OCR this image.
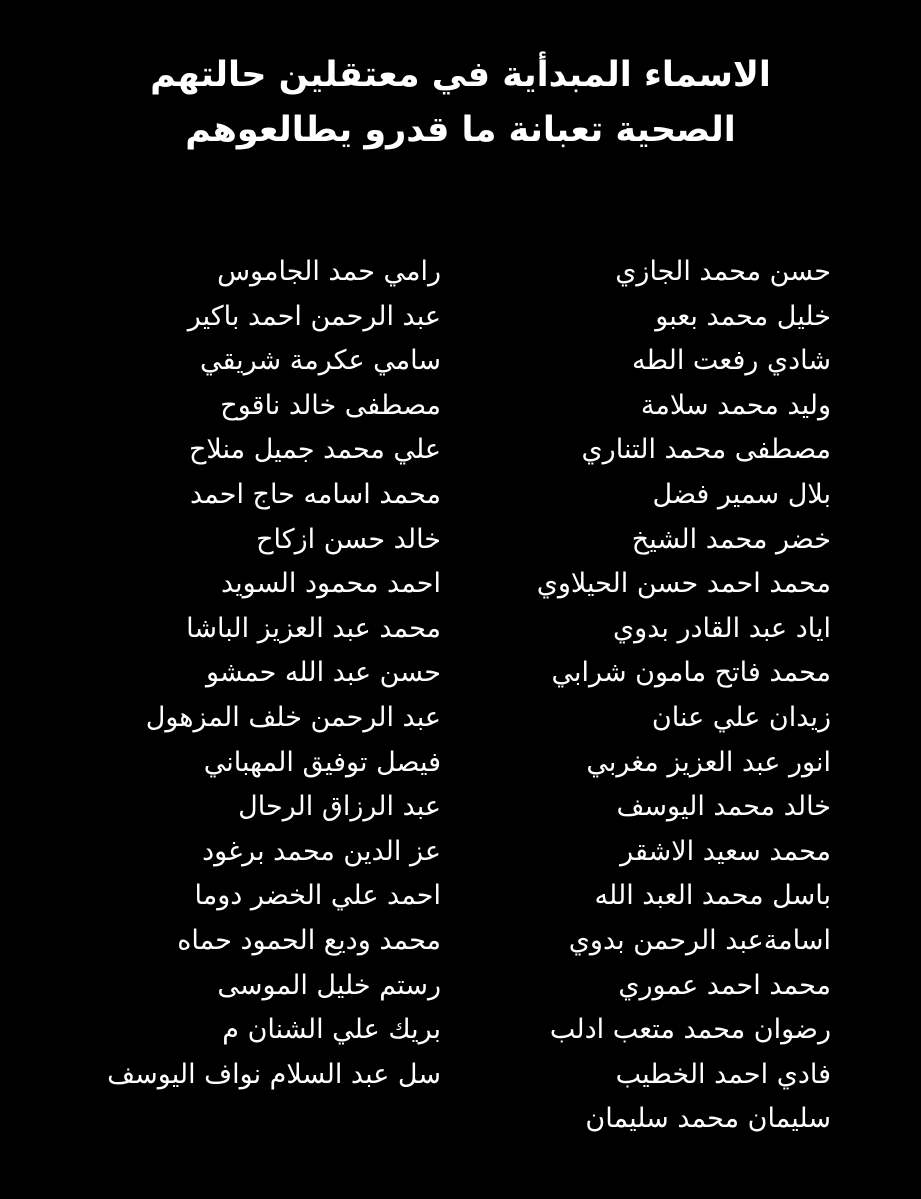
الاسماء المبدأية في معتقلين حالتهم
الصحية تعبانة ما قدرو يطالعوهم
حسن محمد الجازي
خليل محمد بعبو
شادي رفعت الطه
وليد محمد سلامة
مصطفى محمد التناري
بلال سمير فضل
خضر محمد الشيخ
محمد احمد حسن الحيلاوي
اياد عبد القادر بدوي
محمد فاتح مامون شرابي
زيدان علي عنان
انور عبد العزيز مغربي
خالد محمد اليوسف
محمد سعيد الاشقر
باسل محمد العبد الله
اسامةعبد الرحمن بدوي
محمد احمد عموري
رضوان محمد متعب ادلب
فادي احمد الخطيب
سليمان محمد سليمان
رامي حمد الجاموس
عبد الرحمن احمد باكير
سامي عكرمة شريقي
مصطفى خالد ناقوح
علي محمد جميل منلاح
محمد اسامه حاج احمد
خالد حسن ازكاح
احمد محمود السويد
محمد عبد العزيز الباشا
حسن عبد الله حمشو
عبد الرحمن خلف المزهول
فيصل توفيق المهباني
عبد الرزاق الرحال
عز الدين محمد برغود
احمد علي الخضر دوما
محمد وديع الحمود حماه
رستم خليل الموسى
بريك علي الشنان م
سل عبد السلام نواف اليوسف
